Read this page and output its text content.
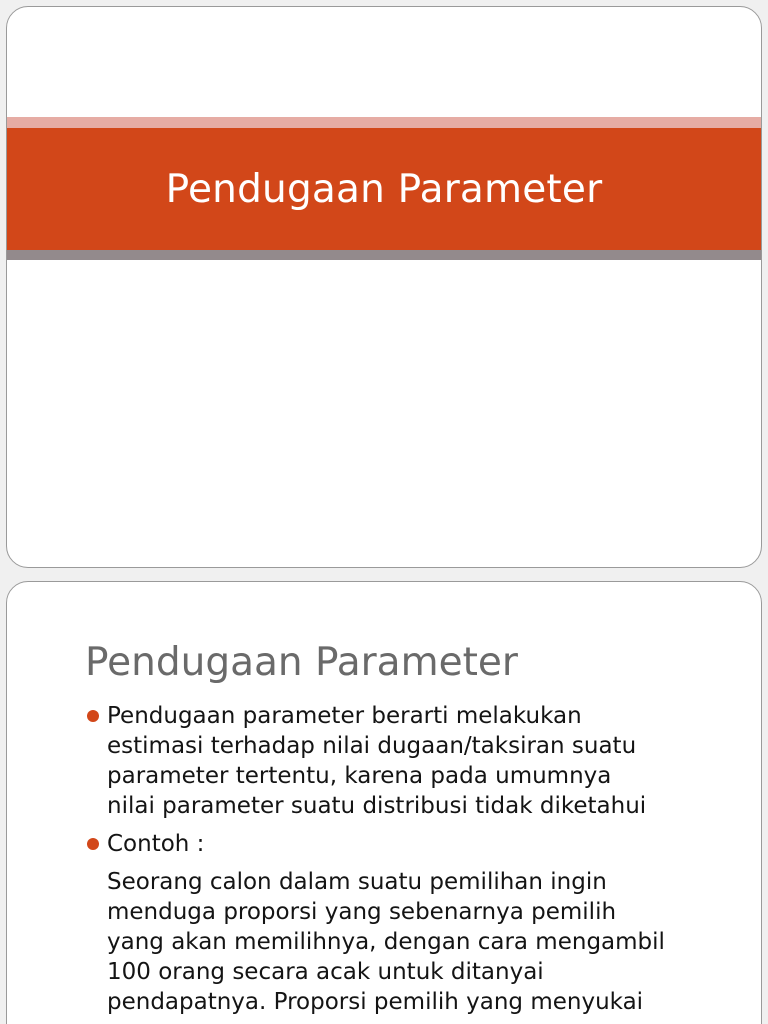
Pendugaan Parameter
Pendugaan Parameter
Pendugaan parameter berarti melakukan
estimasi terhadap nilai dugaan/taksiran suatu
parameter tertentu, karena pada umumnya
nilai parameter suatu distribusi tidak diketahui
Contoh :
Seorang calon dalam suatu pemilihan ingin
menduga proporsi yang sebenarnya pemilih
yang akan memilihnya, dengan cara mengambil
100 orang secara acak untuk ditanyai
pendapatnya. Proporsi pemilih yang menyukai
